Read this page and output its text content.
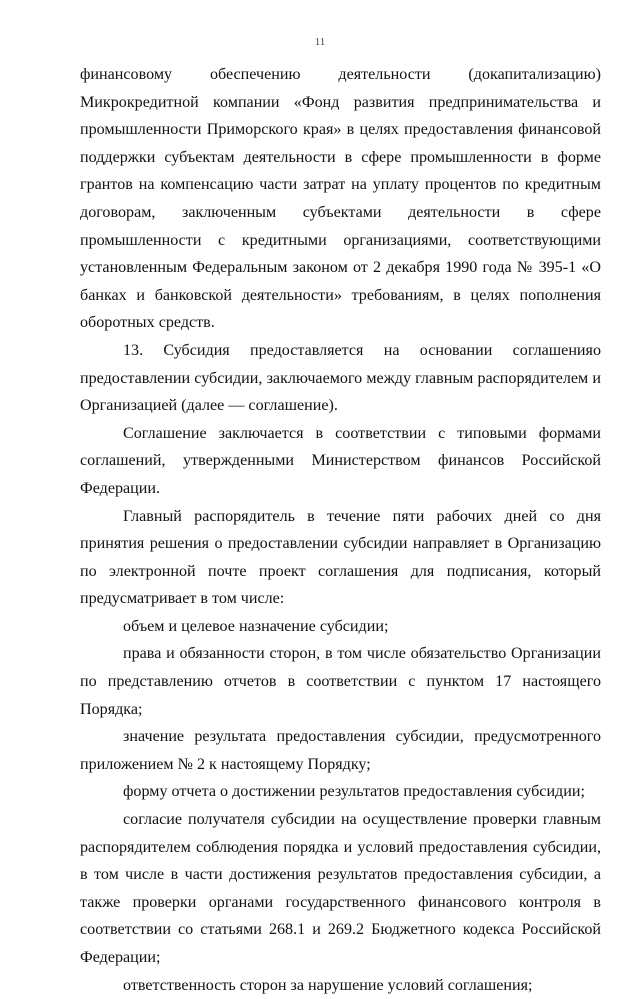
11

финансовому обеспечению деятельности (докапитализацию) Микрокредитной компании «Фонд развития предпринимательства и промышленности Приморского края» в целях предоставления финансовой поддержки субъектам деятельности в сфере промышленности в форме грантов на компенсацию части затрат на уплату процентов по кредитным договорам, заключенным субъектами деятельности в сфере промышленности с кредитными организациями, соответствующими установленным Федеральным законом от 2 декабря 1990 года № 395-1 «О банках и банковской деятельности» требованиям, в целях пополнения оборотных средств.

13. Субсидия предоставляется на основании соглашенияо предоставлении субсидии, заключаемого между главным распорядителем и Организацией (далее — соглашение).

Соглашение заключается в соответствии с типовыми формами соглашений, утвержденными Министерством финансов Российской Федерации.

Главный распорядитель в течение пяти рабочих дней со дня принятия решения о предоставлении субсидии направляет в Организацию по электронной почте проект соглашения для подписания, который предусматривает в том числе:

объем и целевое назначение субсидии;

права и обязанности сторон, в том числе обязательство Организации по представлению отчетов в соответствии с пунктом 17 настоящего Порядка;

значение результата предоставления субсидии, предусмотренного приложением № 2 к настоящему Порядку;

форму отчета о достижении результатов предоставления субсидии;

согласие получателя субсидии на осуществление проверки главным распорядителем соблюдения порядка и условий предоставления субсидии, в том числе в части достижения результатов предоставления субсидии, а также проверки органами государственного финансового контроля в соответствии со статьями 268.1 и 269.2 Бюджетного кодекса Российской Федерации;

ответственность сторон за нарушение условий соглашения;
